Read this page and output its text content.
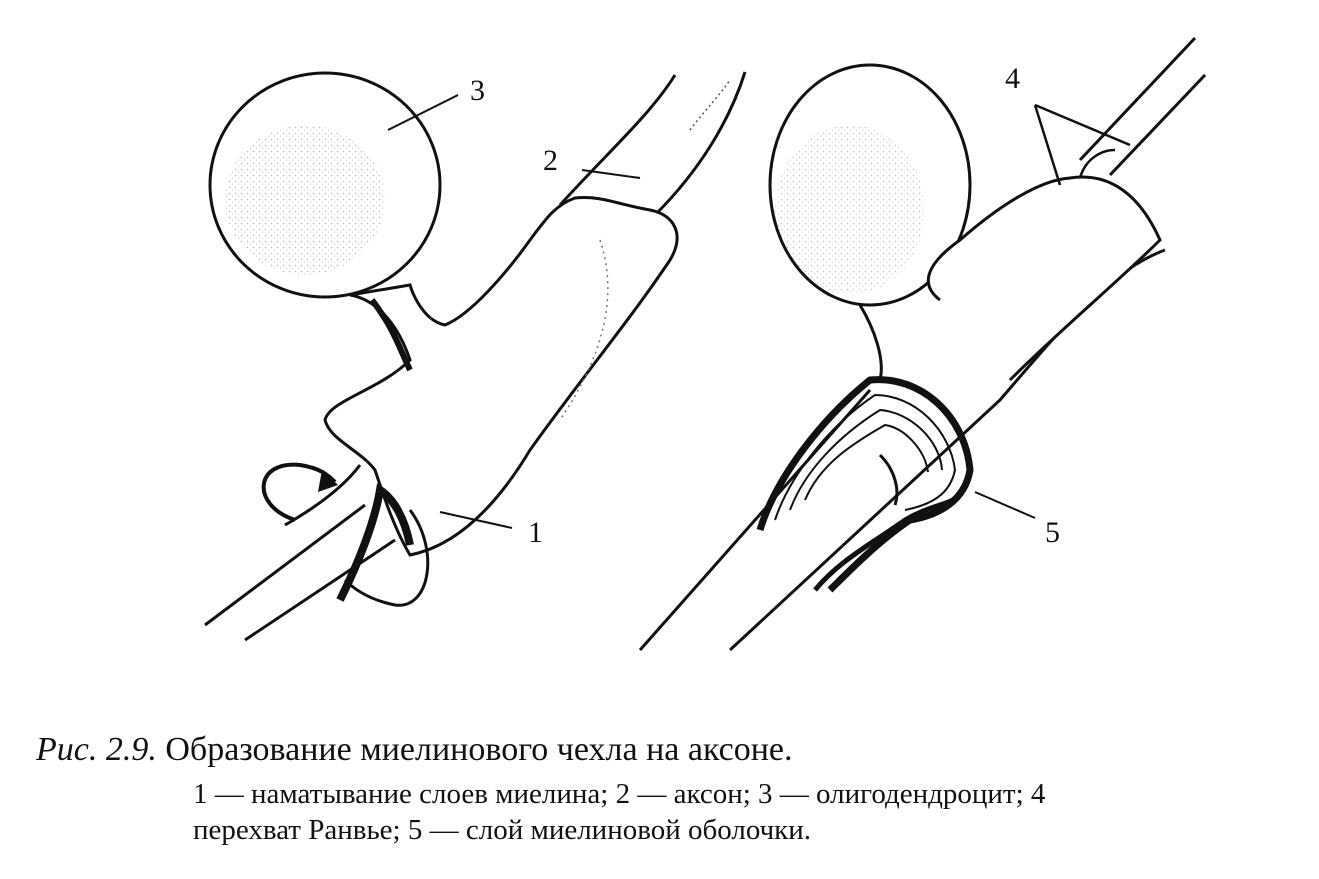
3
2
1
4
5
Рис. 2.9. Образование миелинового чехла на аксоне.
1 — наматывание слоев миелина; 2 — аксон; 3 — олигодендроцит; 4
перехват Ранвье; 5 — слой миелиновой оболочки.
